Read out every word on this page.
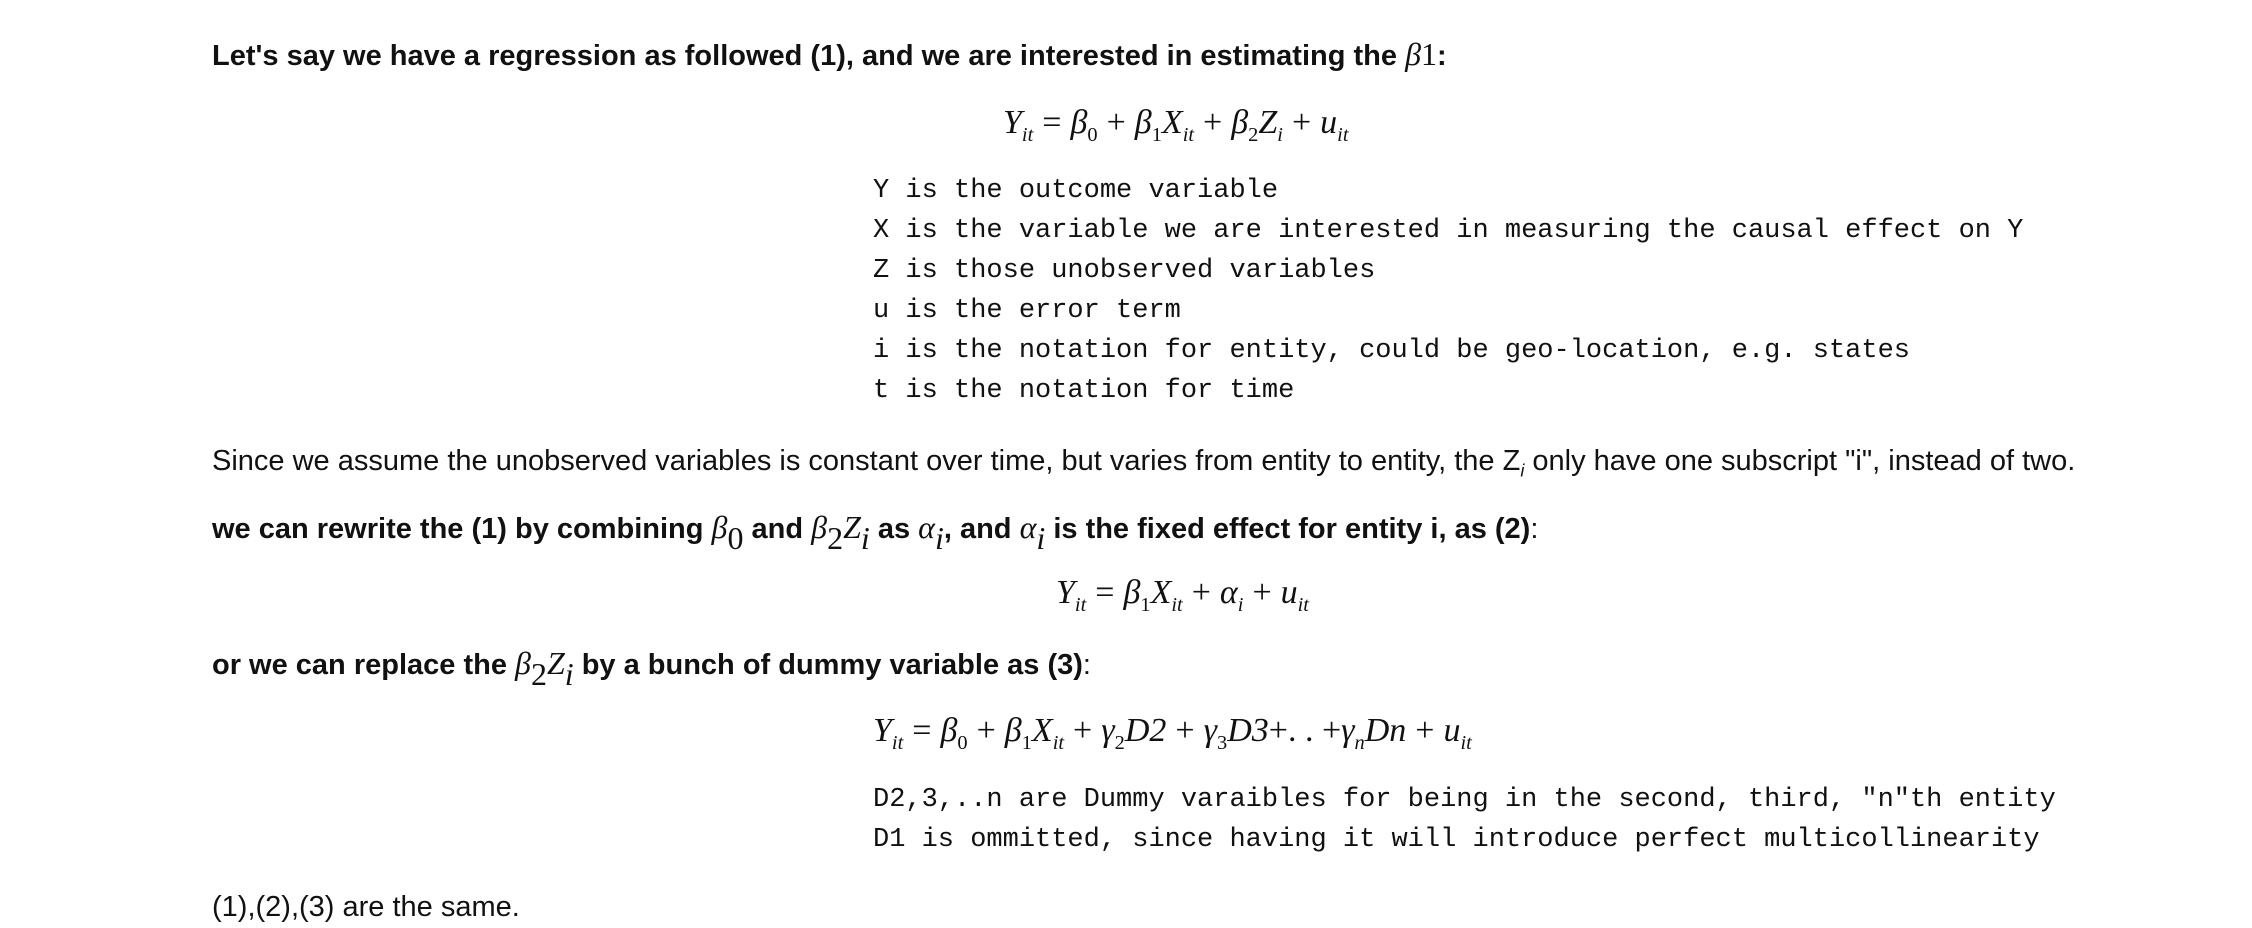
Let's say we have a regression as followed (1), and we are interested in estimating the β1:
$Y_{it} = \beta_0 + \beta_1X_{it} + \beta_2Z_i + u_{it}$
Y is the outcome variable
X is the variable we are interested in measuring the causal effect on Y
Z is those unobserved variables
u is the error term
i is the notation for entity, could be geo-location, e.g. states
t is the notation for time
Since we assume the unobserved variables is constant over time, but varies from entity to entity, the $Z_i$ only have one subscript "i", instead of two.
we can rewrite the (1) by combining $\beta_0$ and $\beta_2Z_i$ as $\alpha_i$, and $\alpha_i$ is the fixed effect for entity i, as (2):
$Y_{it} = \beta_1X_{it} + \alpha_i + u_{it}$
or we can replace the $\beta_2Z_i$ by a bunch of dummy variable as (3):
$Y_{it} = \beta_0 + \beta_1X_{it} + \gamma_2D2 + \gamma_3D3+$. . $+\gamma_nDn + u_{it}$
D2,3,..n are Dummy varaibles for being in the second, third, "n"th entity
D1 is ommitted, since having it will introduce perfect multicollinearity
(1),(2),(3) are the same.
